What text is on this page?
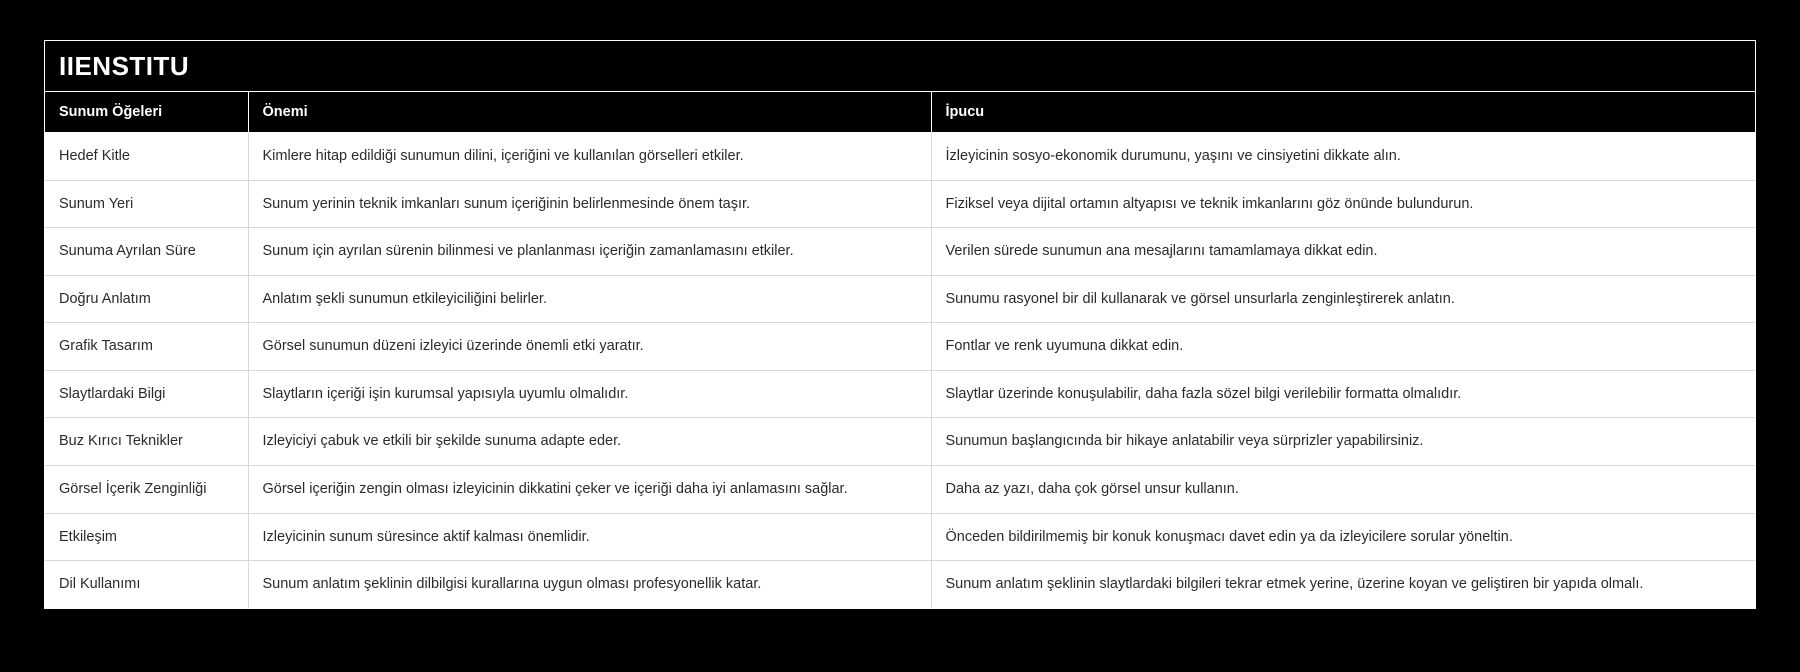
IIENSTITU
Sunum Öğeleri	Önemi	İpucu
Hedef Kitle	Kimlere hitap edildiği sunumun dilini, içeriğini ve kullanılan görselleri etkiler.	İzleyicinin sosyo-ekonomik durumunu, yaşını ve cinsiyetini dikkate alın.
Sunum Yeri	Sunum yerinin teknik imkanları sunum içeriğinin belirlenmesinde önem taşır.	Fiziksel veya dijital ortamın altyapısı ve teknik imkanlarını göz önünde bulundurun.
Sunuma Ayrılan Süre	Sunum için ayrılan sürenin bilinmesi ve planlanması içeriğin zamanlamasını etkiler.	Verilen sürede sunumun ana mesajlarını tamamlamaya dikkat edin.
Doğru Anlatım	Anlatım şekli sunumun etkileyiciliğini belirler.	Sunumu rasyonel bir dil kullanarak ve görsel unsurlarla zenginleştirerek anlatın.
Grafik Tasarım	Görsel sunumun düzeni izleyici üzerinde önemli etki yaratır.	Fontlar ve renk uyumuna dikkat edin.
Slaytlardaki Bilgi	Slaytların içeriği işin kurumsal yapısıyla uyumlu olmalıdır.	Slaytlar üzerinde konuşulabilir, daha fazla sözel bilgi verilebilir formatta olmalıdır.
Buz Kırıcı Teknikler	Izleyiciyi çabuk ve etkili bir şekilde sunuma adapte eder.	Sunumun başlangıcında bir hikaye anlatabilir veya sürprizler yapabilirsiniz.
Görsel İçerik Zenginliği	Görsel içeriğin zengin olması izleyicinin dikkatini çeker ve içeriği daha iyi anlamasını sağlar.	Daha az yazı, daha çok görsel unsur kullanın.
Etkileşim	Izleyicinin sunum süresince aktif kalması önemlidir.	Önceden bildirilmemiş bir konuk konuşmacı davet edin ya da izleyicilere sorular yöneltin.
Dil Kullanımı	Sunum anlatım şeklinin dilbilgisi kurallarına uygun olması profesyonellik katar.	Sunum anlatım şeklinin slaytlardaki bilgileri tekrar etmek yerine, üzerine koyan ve geliştiren bir yapıda olmalı.
